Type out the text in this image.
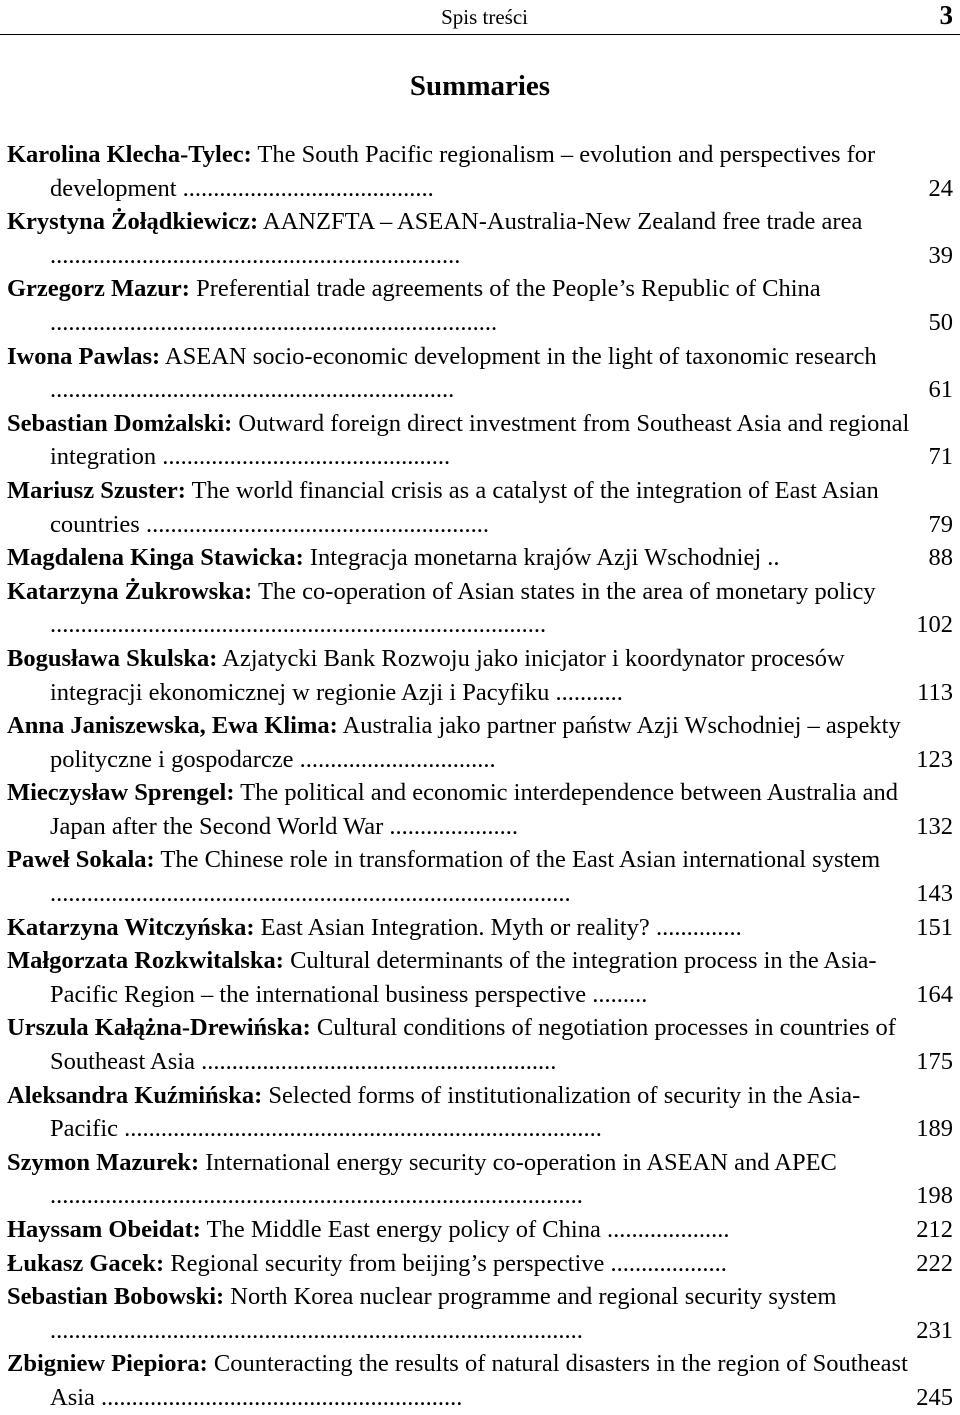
Spis treści	3
Summaries
Karolina Klecha-Tylec: The South Pacific regionalism – evolution and perspectives for development .........................................	24
Krystyna Żołądkiewicz: AANZFTA – ASEAN-Australia-New Zealand free trade area ...................................................................	39
Grzegorz Mazur: Preferential trade agreements of the People’s Republic of China .........................................................................	50
Iwona Pawlas: ASEAN socio-economic development in the light of taxonomic research ..................................................................	61
Sebastian Domżalski: Outward foreign direct investment from Southeast Asia and regional integration ...............................................	71
Mariusz Szuster: The world financial crisis as a catalyst of the integration of East Asian countries ........................................................	79
Magdalena Kinga Stawicka: Integracja monetarna krajów Azji Wschodniej ..	88
Katarzyna Żukrowska: The co-operation of Asian states in the area of monetary policy .................................................................................	102
Bogusława Skulska: Azjatycki Bank Rozwoju jako inicjator i koordynator procesów integracji ekonomicznej w regionie Azji i Pacyfiku ...........	113
Anna Janiszewska, Ewa Klima: Australia jako partner państw Azji Wschodniej – aspekty polityczne i gospodarcze ................................	123
Mieczysław Sprengel: The political and economic interdependence between Australia and Japan after the Second World War .....................	132
Paweł Sokala: The Chinese role in transformation of the East Asian international system .....................................................................................	143
Katarzyna Witczyńska: East Asian Integration. Myth or reality? ..............	151
Małgorzata Rozkwitalska: Cultural determinants of the integration process in the Asia-Pacific Region – the international business perspective .........	164
Urszula Kałążna-Drewińska: Cultural conditions of negotiation processes in countries of Southeast Asia ..........................................................	175
Aleksandra Kuźmińska: Selected forms of institutionalization of security in the Asia-Pacific ..............................................................................	189
Szymon Mazurek: International energy security co-operation in ASEAN and APEC .......................................................................................	198
Hayssam Obeidat: The Middle East energy policy of China ....................	212
Łukasz Gacek: Regional security from beijing’s perspective ...................	222
Sebastian Bobowski: North Korea nuclear programme and regional security system .......................................................................................	231
Zbigniew Piepiora: Counteracting the results of natural disasters in the region of Southeast Asia ...........................................................	245
